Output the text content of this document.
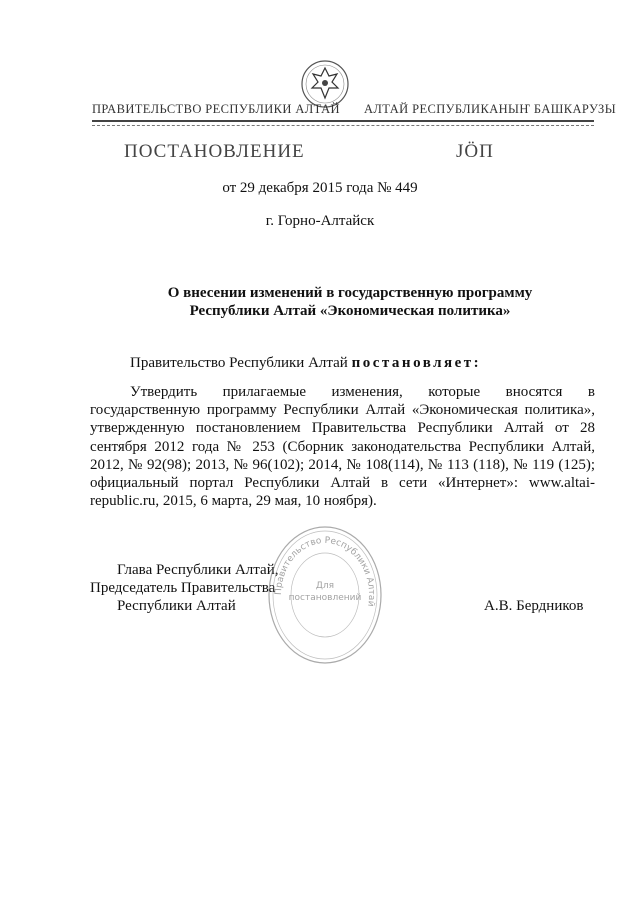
ПРАВИТЕЛЬСТВО РЕСПУБЛИКИ АЛТАЙ АЛТАЙ РЕСПУБЛИКАНЫҤ БАШКАРУЗЫ
ПОСТАНОВЛЕНИЕ	JӦП
от 29 декабря 2015 года № 449
г. Горно-Алтайск
О внесении изменений в государственную программу
Республики Алтай «Экономическая политика»
Правительство Республики Алтай постановляет:
Утвердить прилагаемые изменения, которые вносятся в государственную программу Республики Алтай «Экономическая политика», утвержденную постановлением Правительства Республики Алтай от 28 сентября 2012 года № 253 (Сборник законодательства Республики Алтай, 2012, № 92(98); 2013, № 96(102); 2014, № 108(114), № 113 (118), № 119 (125); официальный портал Республики Алтай в сети «Интернет»: www.altai-republic.ru, 2015, 6 марта, 29 мая, 10 ноября).
Глава Республики Алтай,
Председатель Правительства
Республики Алтай	А.В. Бердников
Правительство Республики Алтай
Для
постановлений
